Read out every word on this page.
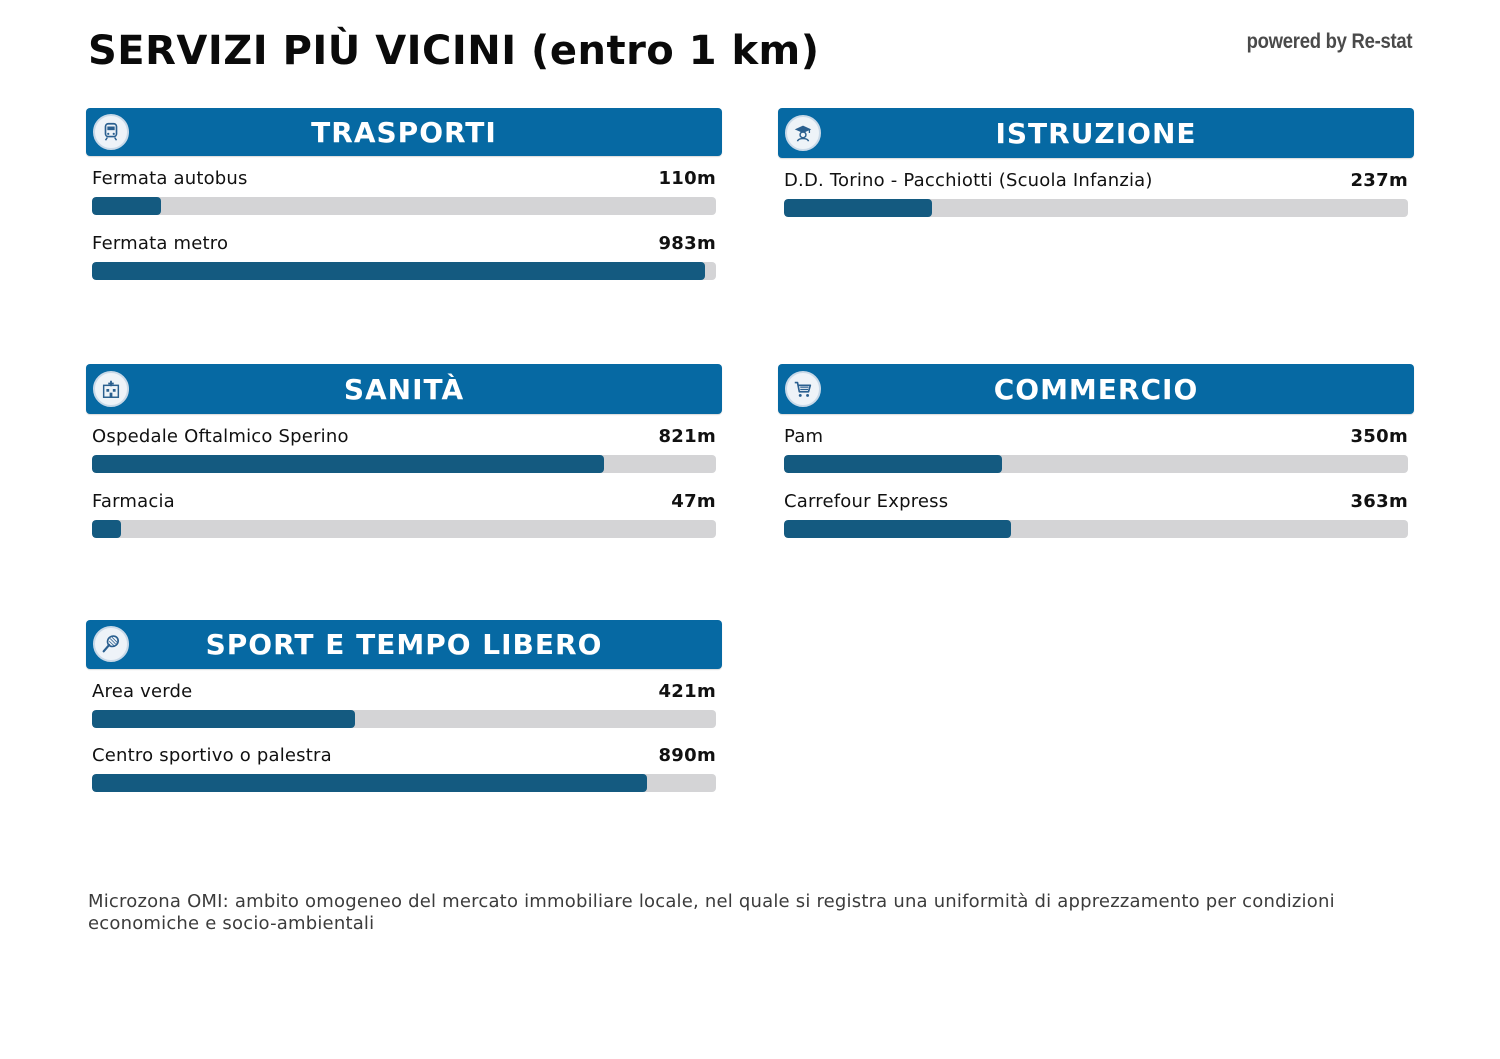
SERVIZI PIÙ VICINI (entro 1 km)	powered by Re-stat
TRASPORTI
Fermata autobus	110m
Fermata metro	983m
ISTRUZIONE
D.D. Torino - Pacchiotti (Scuola Infanzia)	237m
SANITÀ
Ospedale Oftalmico Sperino	821m
Farmacia	47m
COMMERCIO
Pam	350m
Carrefour Express	363m
SPORT E TEMPO LIBERO
Area verde	421m
Centro sportivo o palestra	890m
Microzona OMI: ambito omogeneo del mercato immobiliare locale, nel quale si registra una uniformità di apprezzamento per condizioni economiche e socio-ambientali
